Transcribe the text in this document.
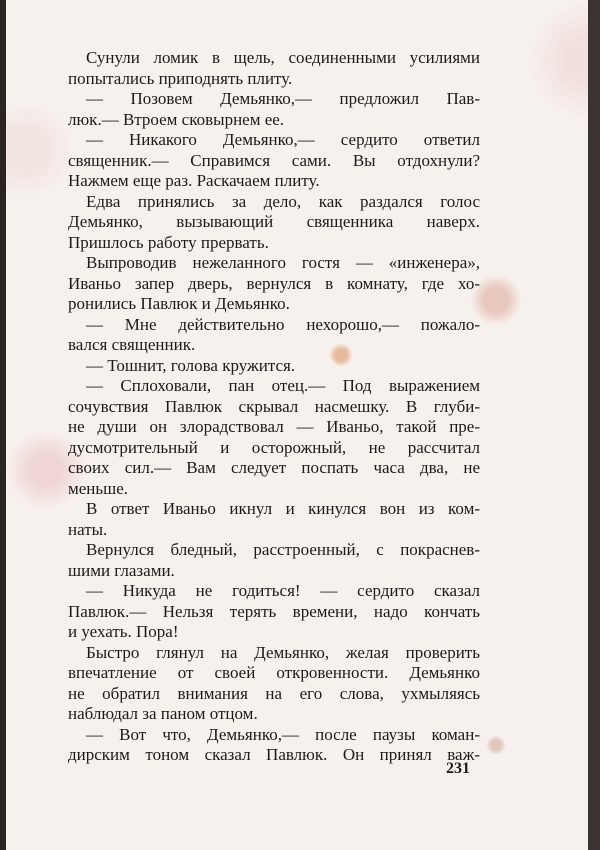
Сунули ломик в щель, соединенными усилиями
попытались приподнять плиту.
— Позовем Демьянко,— предложил Пав-
люк.— Втроем сковырнем ее.
— Никакого Демьянко,— сердито ответил
священник.— Справимся сами. Вы отдохнули?
Нажмем еще раз. Раскачаем плиту.
Едва принялись за дело, как раздался голос
Демьянко, вызывающий священника наверх.
Пришлось работу прервать.
Выпроводив нежеланного гостя — «инженера»,
Иваньо запер дверь, вернулся в комнату, где хо-
ронились Павлюк и Демьянко.
— Мне действительно нехорошо,— пожало-
вался священник.
— Тошнит, голова кружится.
— Сплоховали, пан отец.— Под выражением
сочувствия Павлюк скрывал насмешку. В глуби-
не души он злорадствовал — Иваньо, такой пре-
дусмотрительный и осторожный, не рассчитал
своих сил.— Вам следует поспать часа два, не
меньше.
В ответ Иваньо икнул и кинулся вон из ком-
наты.
Вернулся бледный, расстроенный, с покраснев-
шими глазами.
— Никуда не годиться! — сердито сказал
Павлюк.— Нельзя терять времени, надо кончать
и уехать. Пора!
Быстро глянул на Демьянко, желая проверить
впечатление от своей откровенности. Демьянко
не обратил внимания на его слова, ухмыляясь
наблюдал за паном отцом.
— Вот что, Демьянко,— после паузы коман-
дирским тоном сказал Павлюк. Он принял важ-
231
